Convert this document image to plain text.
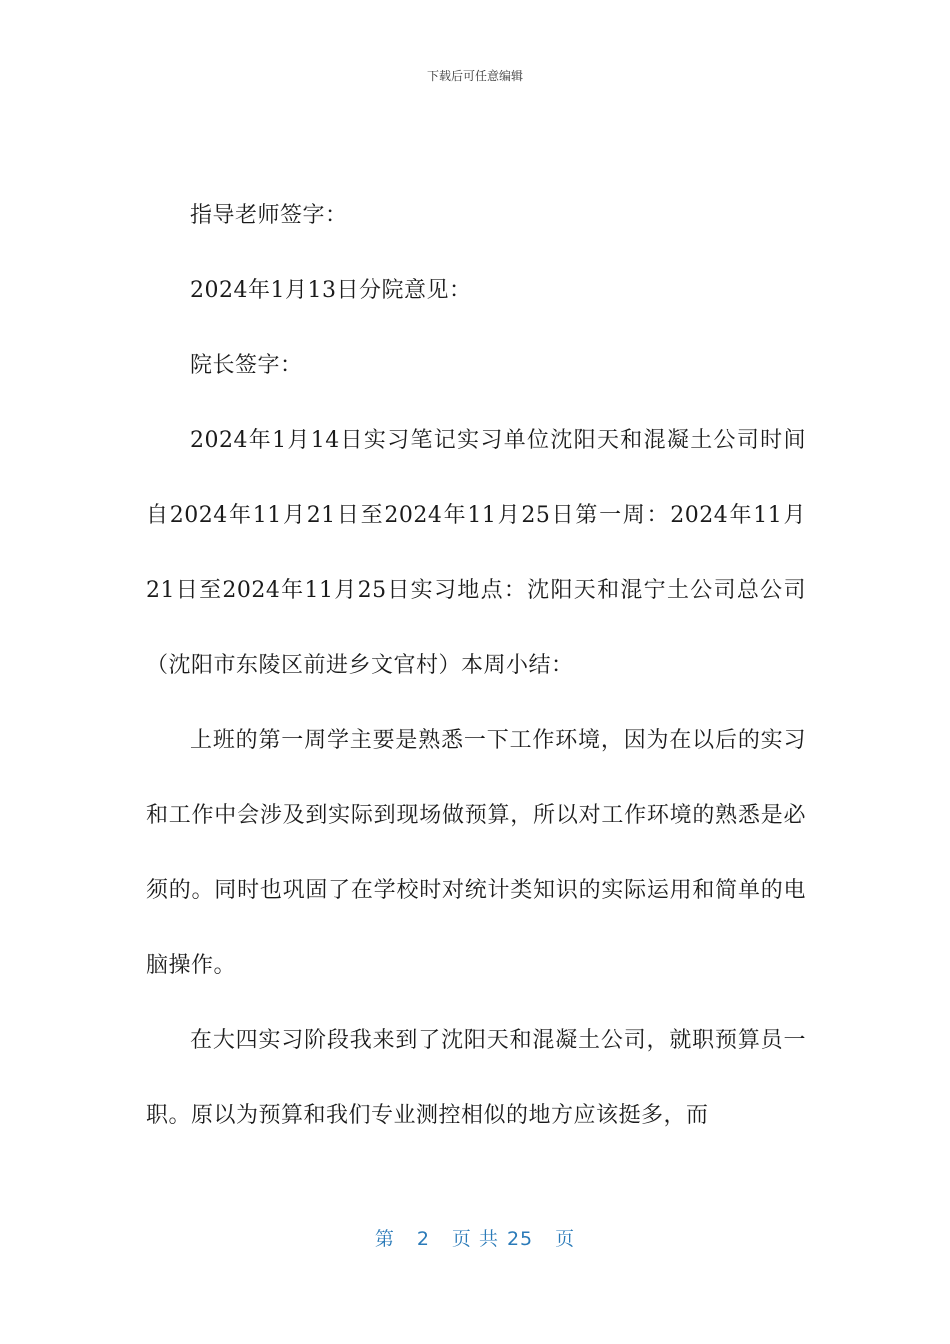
下载后可任意编辑

指导老师签字：

2024年1月13日分院意见：

院长签字：

2024年1月14日实习笔记实习单位沈阳天和混凝土公司时间自2024年11月21日至2024年11月25日第一周：2024年11月21日至2024年11月25日实习地点：沈阳天和混宁土公司总公司（沈阳市东陵区前进乡文官村）本周小结：

上班的第一周学主要是熟悉一下工作环境，因为在以后的实习和工作中会涉及到实际到现场做预算，所以对工作环境的熟悉是必须的。同时也巩固了在学校时对统计类知识的实际运用和简单的电脑操作。

在大四实习阶段我来到了沈阳天和混凝土公司，就职预算员一职。原以为预算和我们专业测控相似的地方应该挺多，而

第 2 页 共 25 页
